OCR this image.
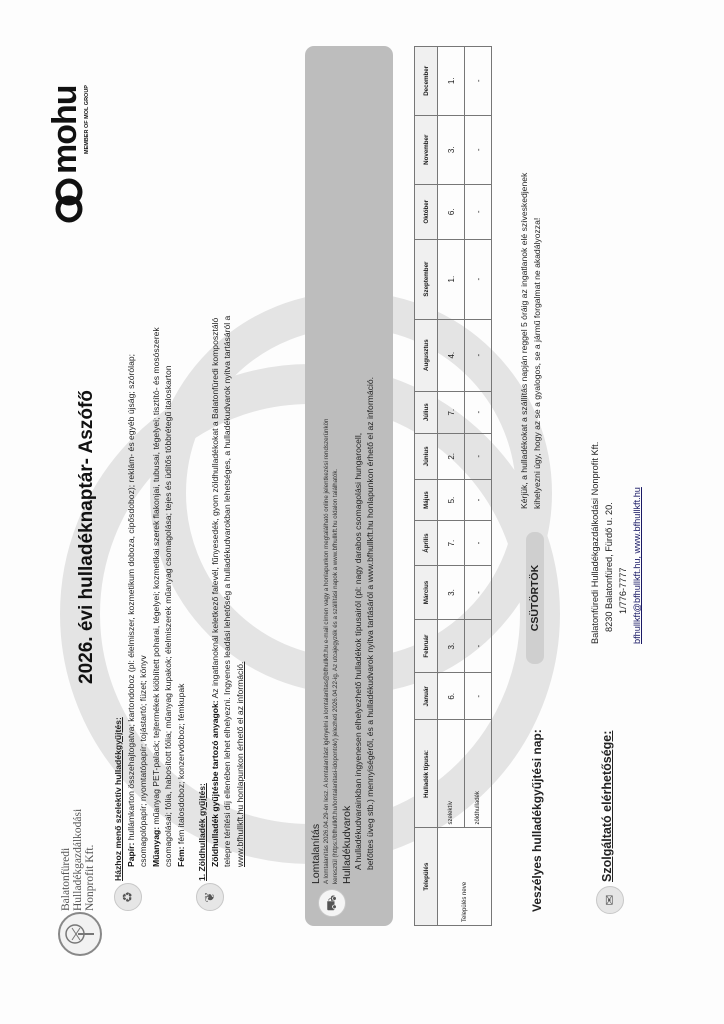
Balatonfüredi Hulladékgazdálkodási Nonprofit Kft.
2026. évi hulladéknaptár- Aszófő
mohu MEMBER OF MOL GROUP
♻
Házhoz menő szelektív hulladékgyűjtés: Papír: hullámkarton összehajtogatva; kartondoboz (pl: élelmiszer, kozmetikum doboza, cipősdoboz); reklám- és egyéb újság; szórólap; csomagolópapír; nyomtatópapír; tojástartó; füzet; könyv Műanyag: műanyag PET-palack; tejtermékek kiöblített poharai, tégelyei; kozmetikai szerek flakonjai, tubusai, tégelyei; tisztító- és mosószerek csomagolásai; fólia, habosított fólia; műanyag kupakok; élelmiszerek műanyag csomagolása; tejes és üdítős többrétegű italoskarton Fém: fém italosdoboz; konzervdoboz; fémkupak
❦
1. Zöldhulladék gyűjtés: Zöldhulladék gyűjtésbe tartozó anyagok: Az ingatlanoknál keletkező falevél, fűnyesedék, gyom zöldhulladékokat a Balatonfüredi komposztáló telepre térítési díj ellenében lehet elhelyezni. Ingyenes leadási lehetőség a hulladékudvarokban lehetséges, a hulladékudvarok nyitva tartásáról a www.bfhullkft.hu honlapunkon érhető el az információ.
⛟
Lomtalanítás A lomtalanítás 2026.04.29-én lesz. A lomtalanítást igényelni a lomtalanitas@bfhullkft.hu e-mail címen vagy a honlapunkon megtalálható online jelentkezési rendszerünkön keresztül (https://bfhullkft.hu/lomtalanitasi-idopontok/) jelezheti 2026.04.22-ig. Az utcajegyzék és a szállítási napok a www.bfhullkft.hu oldalon találhatók. Hulladékudvarok A hulladékudvarainkban ingyenesen elhelyezhető hulladékok típusairól (pl: nagy darabos csomagolási hungarocell, befőttes üveg stb.) mennyiségéről, és a hulladékudvarok nyitva tartásáról a www.bfhullkft.hu honlapunkon érhető el az információ.
Település	Hulladék típusa:	Január	Február	Március	Április	Május	Június	Július	Augusztus	Szeptember	Október	November	December
Település neve	szelektív	6.	3.	3.	7.	5.	2.	7.	4.	1.	6.	3.	1.
	zöldhulladék	-	-	-	-	-	-	-	-	-	-	-	-
Veszélyes hulladékgyűjtési nap:
CSÜTÖRTÖK
Kérjük, a hulladékokat a szállítás napján reggel 5 óráig az ingatlanok elé szíveskedjenek kihelyezni úgy, hogy az se a gyalogos, se a jármű forgalmat ne akadályozza!
✉
Szolgáltató elérhetősége:
Balatonfüredi Hulladékgazdálkodási Nonprofit Kft. 8230 Balatonfüred, Fürdő u. 20. 1/776-7777 bfhullkft@bfhullkft.hu, www.bfhullkft.hu
